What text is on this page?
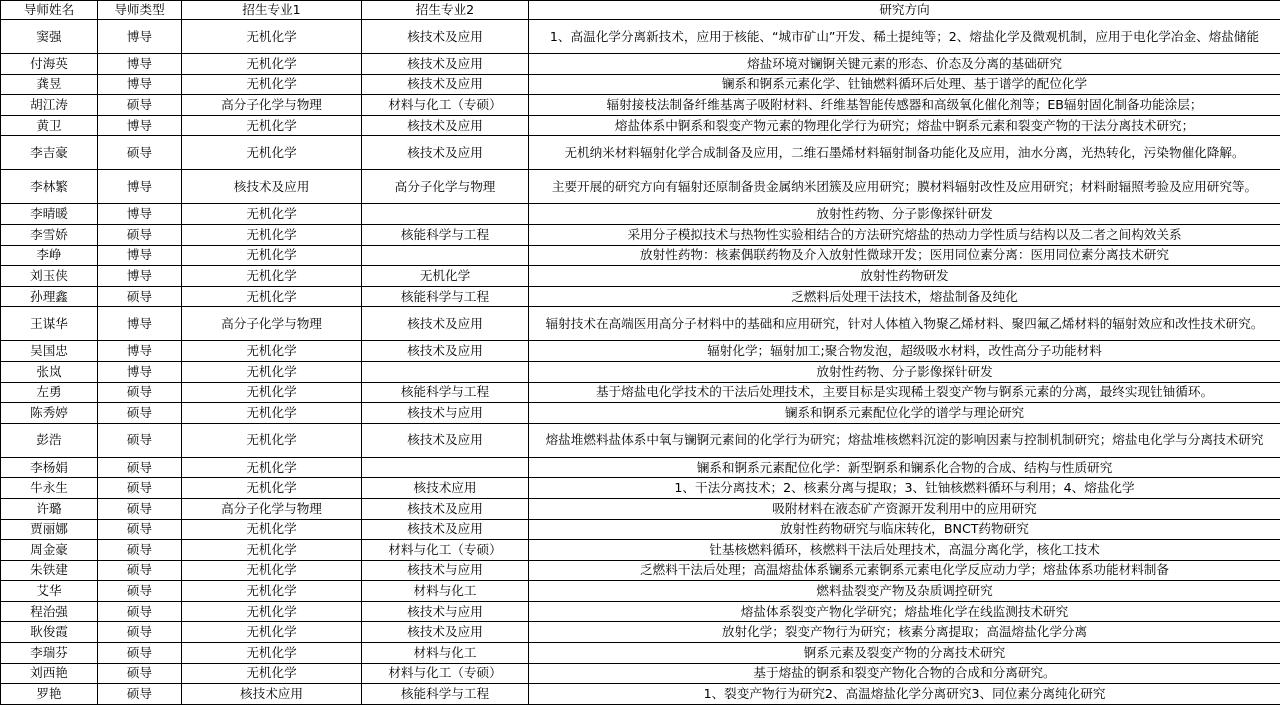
导师姓名	导师类型	招生专业1	招生专业2	研究方向
窦强	博导	无机化学	核技术及应用	1、高温化学分离新技术，应用于核能、“城市矿山”开发、稀土提纯等；2、熔盐化学及微观机制，应用于电化学冶金、熔盐储能
付海英	博导	无机化学	核技术及应用	熔盐环境对镧锕关键元素的形态、价态及分离的基础研究
龚昱	博导	无机化学	核技术及应用	镧系和锕系元素化学、钍铀燃料循环后处理、基于谱学的配位化学
胡江涛	硕导	高分子化学与物理	材料与化工（专硕）	辐射接枝法制备纤维基离子吸附材料、纤维基智能传感器和高级氧化催化剂等；EB辐射固化制备功能涂层；
黄卫	博导	无机化学	核技术及应用	熔盐体系中锕系和裂变产物元素的物理化学行为研究；熔盐中锕系元素和裂变产物的干法分离技术研究；
李吉豪	硕导	无机化学	核技术及应用	无机纳米材料辐射化学合成制备及应用，二维石墨烯材料辐射制备功能化及应用，油水分离，光热转化，污染物催化降解。
李林繁	博导	核技术及应用	高分子化学与物理	主要开展的研究方向有辐射还原制备贵金属纳米团簇及应用研究；膜材料辐射改性及应用研究；材料耐辐照考验及应用研究等。
李晴暖	博导	无机化学		放射性药物、分子影像探针研发
李雪娇	硕导	无机化学	核能科学与工程	采用分子模拟技术与热物性实验相结合的方法研究熔盐的热动力学性质与结构以及二者之间构效关系
李峥	博导	无机化学		放射性药物：核素偶联药物及介入放射性微球开发；医用同位素分离：医用同位素分离技术研究
刘玉侠	博导	无机化学	无机化学	放射性药物研发
孙理鑫	硕导	无机化学	核能科学与工程	乏燃料后处理干法技术，熔盐制备及纯化
王谋华	博导	高分子化学与物理	核技术及应用	辐射技术在高端医用高分子材料中的基础和应用研究，针对人体植入物聚乙烯材料、聚四氟乙烯材料的辐射效应和改性技术研究。
吴国忠	博导	无机化学	核技术及应用	辐射化学；辐射加工;聚合物发泡，超级吸水材料，改性高分子功能材料
张岚	博导	无机化学		放射性药物、分子影像探针研发
左勇	硕导	无机化学	核能科学与工程	基于熔盐电化学技术的干法后处理技术，主要目标是实现稀土裂变产物与锕系元素的分离，最终实现钍铀循环。
陈秀婷	硕导	无机化学	核技术与应用	镧系和锕系元素配位化学的谱学与理论研究
彭浩	硕导	无机化学	核技术及应用	熔盐堆燃料盐体系中氧与镧锕元素间的化学行为研究；熔盐堆核燃料沉淀的影响因素与控制机制研究；熔盐电化学与分离技术研究
李杨娟	硕导	无机化学		镧系和锕系元素配位化学：新型锕系和镧系化合物的合成、结构与性质研究
牛永生	硕导	无机化学	核技术应用	1、干法分离技术；2、核素分离与提取；3、钍铀核燃料循环与利用；4、熔盐化学
许璐	硕导	高分子化学与物理	核技术及应用	吸附材料在液态矿产资源开发利用中的应用研究
贾丽娜	硕导	无机化学	核技术及应用	放射性药物研究与临床转化，BNCT药物研究
周金豪	硕导	无机化学	材料与化工（专硕）	钍基核燃料循环，核燃料干法后处理技术，高温分离化学，核化工技术
朱铁建	硕导	无机化学	核技术与应用	乏燃料干法后处理；高温熔盐体系镧系元素锕系元素电化学反应动力学；熔盐体系功能材料制备
艾华	硕导	无机化学	材料与化工	燃料盐裂变产物及杂质调控研究
程治强	硕导	无机化学	核技术与应用	熔盐体系裂变产物化学研究；熔盐堆化学在线监测技术研究
耿俊霞	硕导	无机化学	核技术及应用	放射化学；裂变产物行为研究；核素分离提取；高温熔盐化学分离
李瑞芬	硕导	无机化学	材料与化工	锕系元素及裂变产物的分离技术研究
刘西艳	硕导	无机化学	材料与化工（专硕）	基于熔盐的锕系和裂变产物化合物的合成和分离研究。
罗艳	硕导	核技术应用	核能科学与工程	1、裂变产物行为研究2、高温熔盐化学分离研究3、同位素分离纯化研究
